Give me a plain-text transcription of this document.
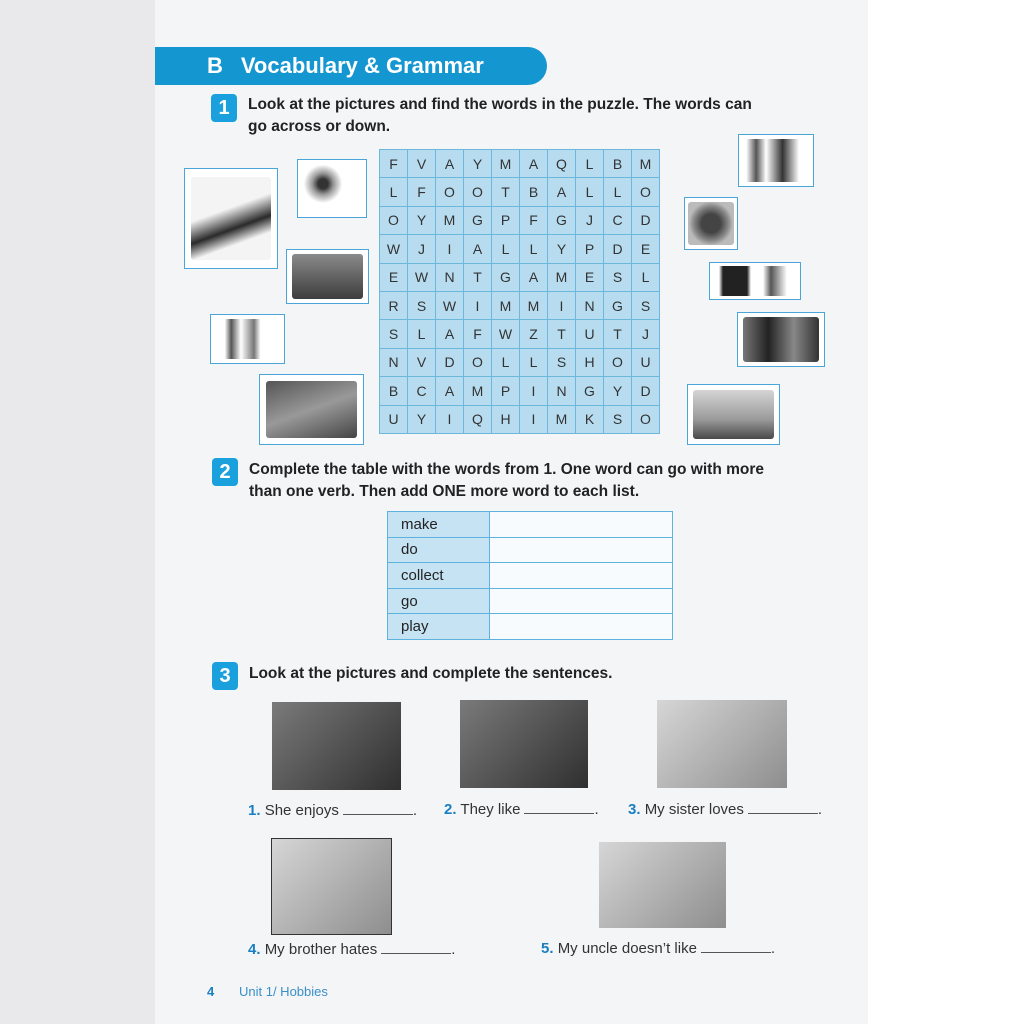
B Vocabulary & Grammar
1	Look at the pictures and find the words in the puzzle. The words can
go across or down.
F	V	A	Y	M	A	Q	L	B	M
L	F	O	O	T	B	A	L	L	O
O	Y	M	G	P	F	G	J	C	D
W	J	I	A	L	L	Y	P	D	E
E	W	N	T	G	A	M	E	S	L
R	S	W	I	M	M	I	N	G	S
S	L	A	F	W	Z	T	U	T	J
N	V	D	O	L	L	S	H	O	U
B	C	A	M	P	I	N	G	Y	D
U	Y	I	Q	H	I	M	K	S	O
2	Complete the table with the words from 1. One word can go with more
than one verb. Then add ONE more word to each list.
make	
do	
collect	
go	
play	
3	Look at the pictures and complete the sentences.
1. She enjoys	. 2. They like	. 3. My sister loves	.
4. My brother hates	.	5. My uncle doesn’t like	.
4 Unit 1/ Hobbies
